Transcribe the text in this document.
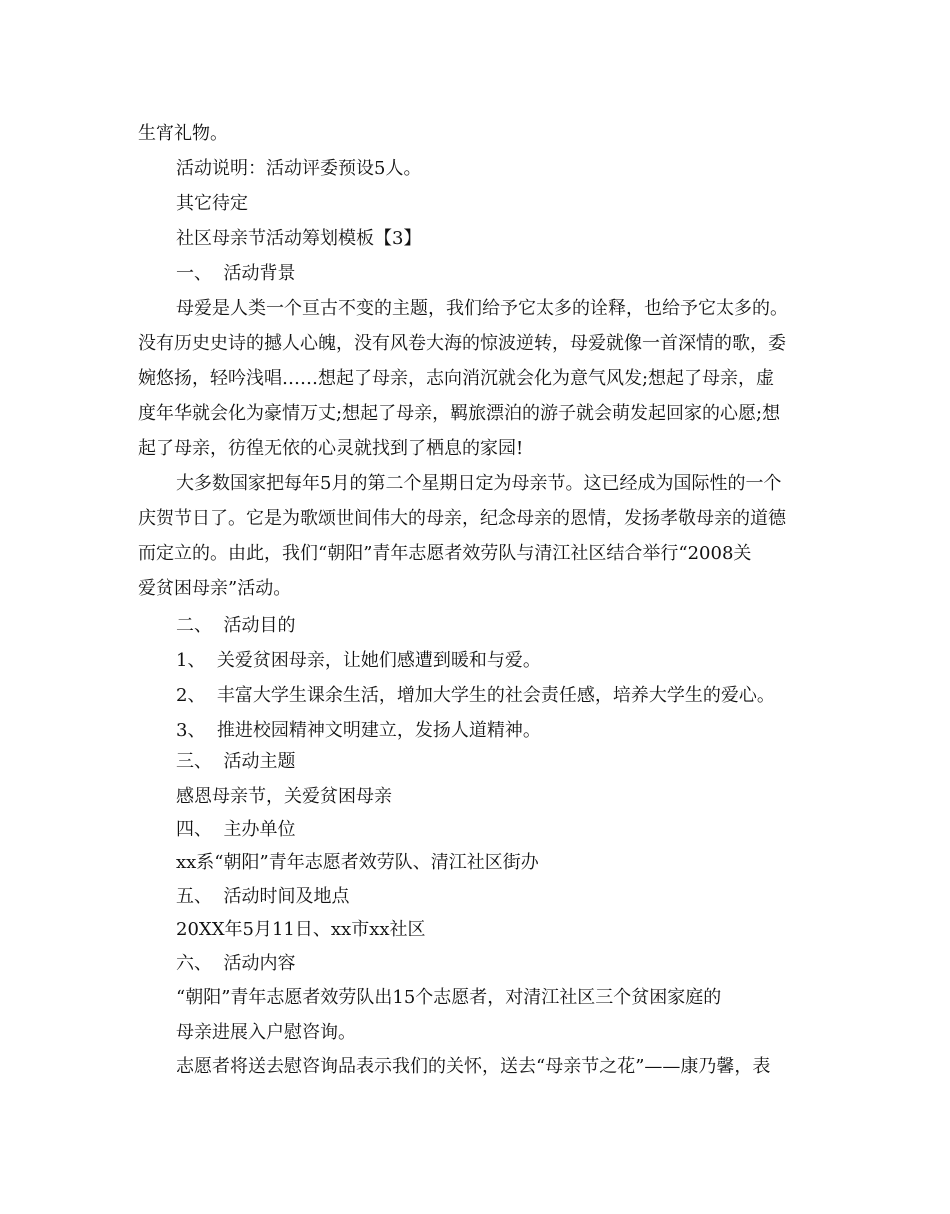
生宵礼物。
活动说明：活动评委预设5人。
其它待定
社区母亲节活动筹划模板【3】
一、  活动背景
母爱是人类一个亘古不变的主题，我们给予它太多的诠释，也给予它太多的。
没有历史史诗的撼人心魄，没有风卷大海的惊波逆转，母爱就像一首深情的歌，委
婉悠扬，轻吟浅唱……想起了母亲，志向消沉就会化为意气风发;想起了母亲，虚
度年华就会化为豪情万丈;想起了母亲，羁旅漂泊的游子就会萌发起回家的心愿;想
起了母亲，彷徨无依的心灵就找到了栖息的家园!
大多数国家把每年5月的第二个星期日定为母亲节。这已经成为国际性的一个
庆贺节日了。它是为歌颂世间伟大的母亲，纪念母亲的恩情，发扬孝敬母亲的道德
而定立的。由此，我们“朝阳”青年志愿者效劳队与清江社区结合举行“2008关
爱贫困母亲”活动。
二、  活动目的
1、  关爱贫困母亲，让她们感遭到暖和与爱。
2、  丰富大学生课余生活，增加大学生的社会责任感，培养大学生的爱心。
3、  推进校园精神文明建立，发扬人道精神。
三、  活动主题
感恩母亲节，关爱贫困母亲
四、  主办单位
xx系“朝阳”青年志愿者效劳队、清江社区街办
五、  活动时间及地点
20XX年5月11日、xx市xx社区
六、  活动内容
“朝阳”青年志愿者效劳队出15个志愿者，对清江社区三个贫困家庭的
母亲进展入户慰咨询。
志愿者将送去慰咨询品表示我们的关怀，送去“母亲节之花”——康乃馨，表
